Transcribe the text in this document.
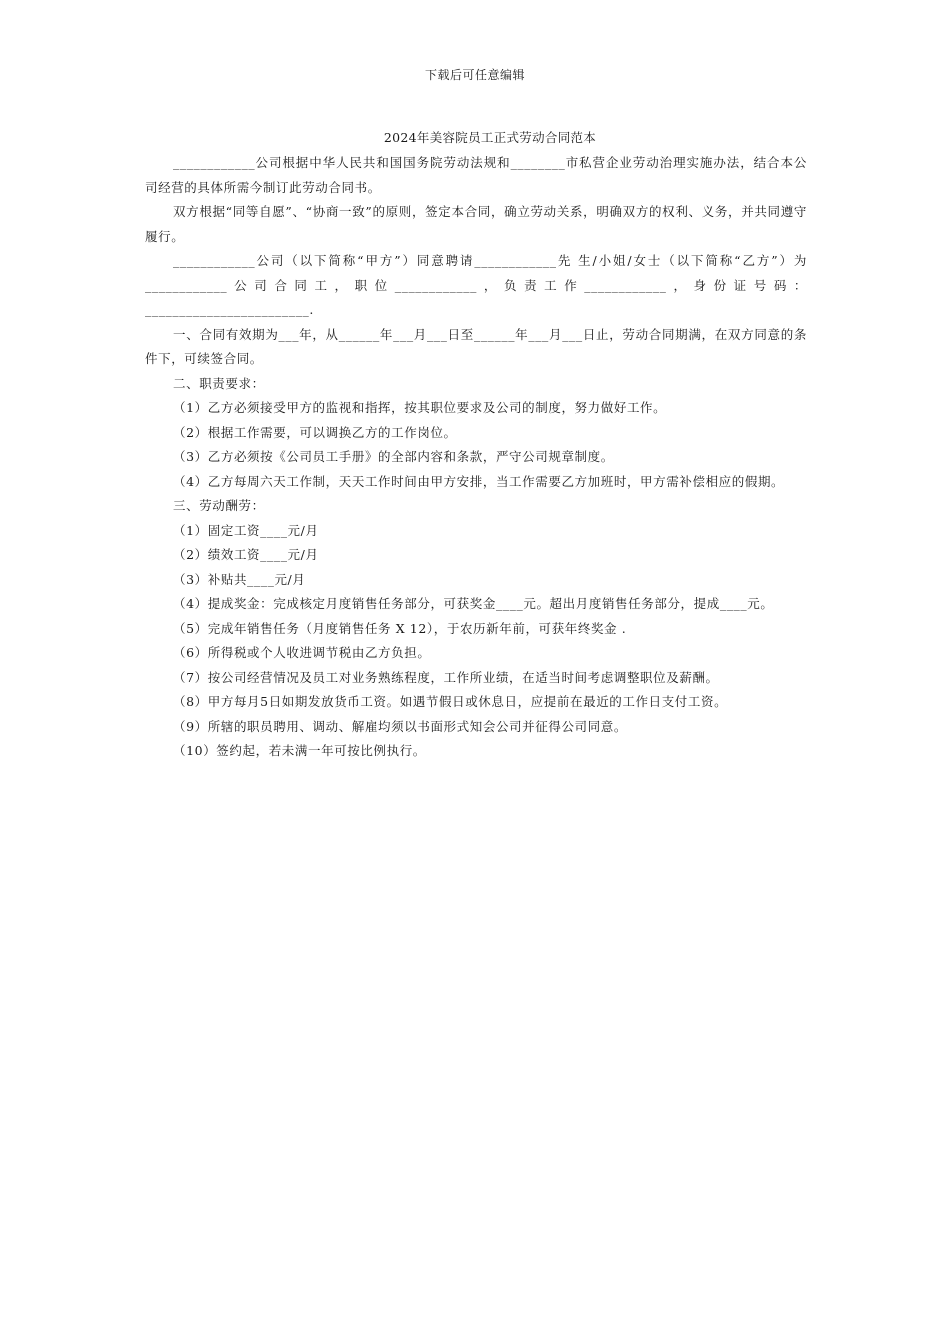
下载后可任意编辑
2024年美容院员工正式劳动合同范本

____________公司根据中华人民共和国国务院劳动法规和________市私营企业劳动治理实施办法，结合本公司经营的具体所需今制订此劳动合同书。

双方根据“同等自愿”、“协商一致”的原则，签定本合同，确立劳动关系，明确双方的权利、义务，并共同遵守履行。

____________公司（以下简称“甲方”）同意聘请____________先 生/小姐/女士（以下简称“乙方”）为____________公司合同工，职位____________，负责工作____________，身份证号码：________________________.

一、合同有效期为___年，从______年___月___日至______年___月___日止，劳动合同期满，在双方同意的条件下，可续签合同。

二、职责要求：

（1）乙方必须接受甲方的监视和指挥，按其职位要求及公司的制度，努力做好工作。

（2）根据工作需要，可以调换乙方的工作岗位。

（3）乙方必须按《公司员工手册》的全部内容和条款，严守公司规章制度。

（4）乙方每周六天工作制，天天工作时间由甲方安排，当工作需要乙方加班时，甲方需补偿相应的假期。

三、劳动酬劳：

（1）固定工资____元/月

（2）绩效工资____元/月

（3）补贴共____元/月

（4）提成奖金：完成核定月度销售任务部分，可获奖金____元。超出月度销售任务部分，提成____元。

（5）完成年销售任务（月度销售任务 X 12），于农历新年前，可获年终奖金 .

（6）所得税或个人收进调节税由乙方负担。

（7）按公司经营情况及员工对业务熟练程度，工作所业绩，在适当时间考虑调整职位及薪酬。

（8）甲方每月5日如期发放货币工资。如遇节假日或休息日，应提前在最近的工作日支付工资。

（9）所辖的职员聘用、调动、解雇均须以书面形式知会公司并征得公司同意。

（10）签约起，若未满一年可按比例执行。
